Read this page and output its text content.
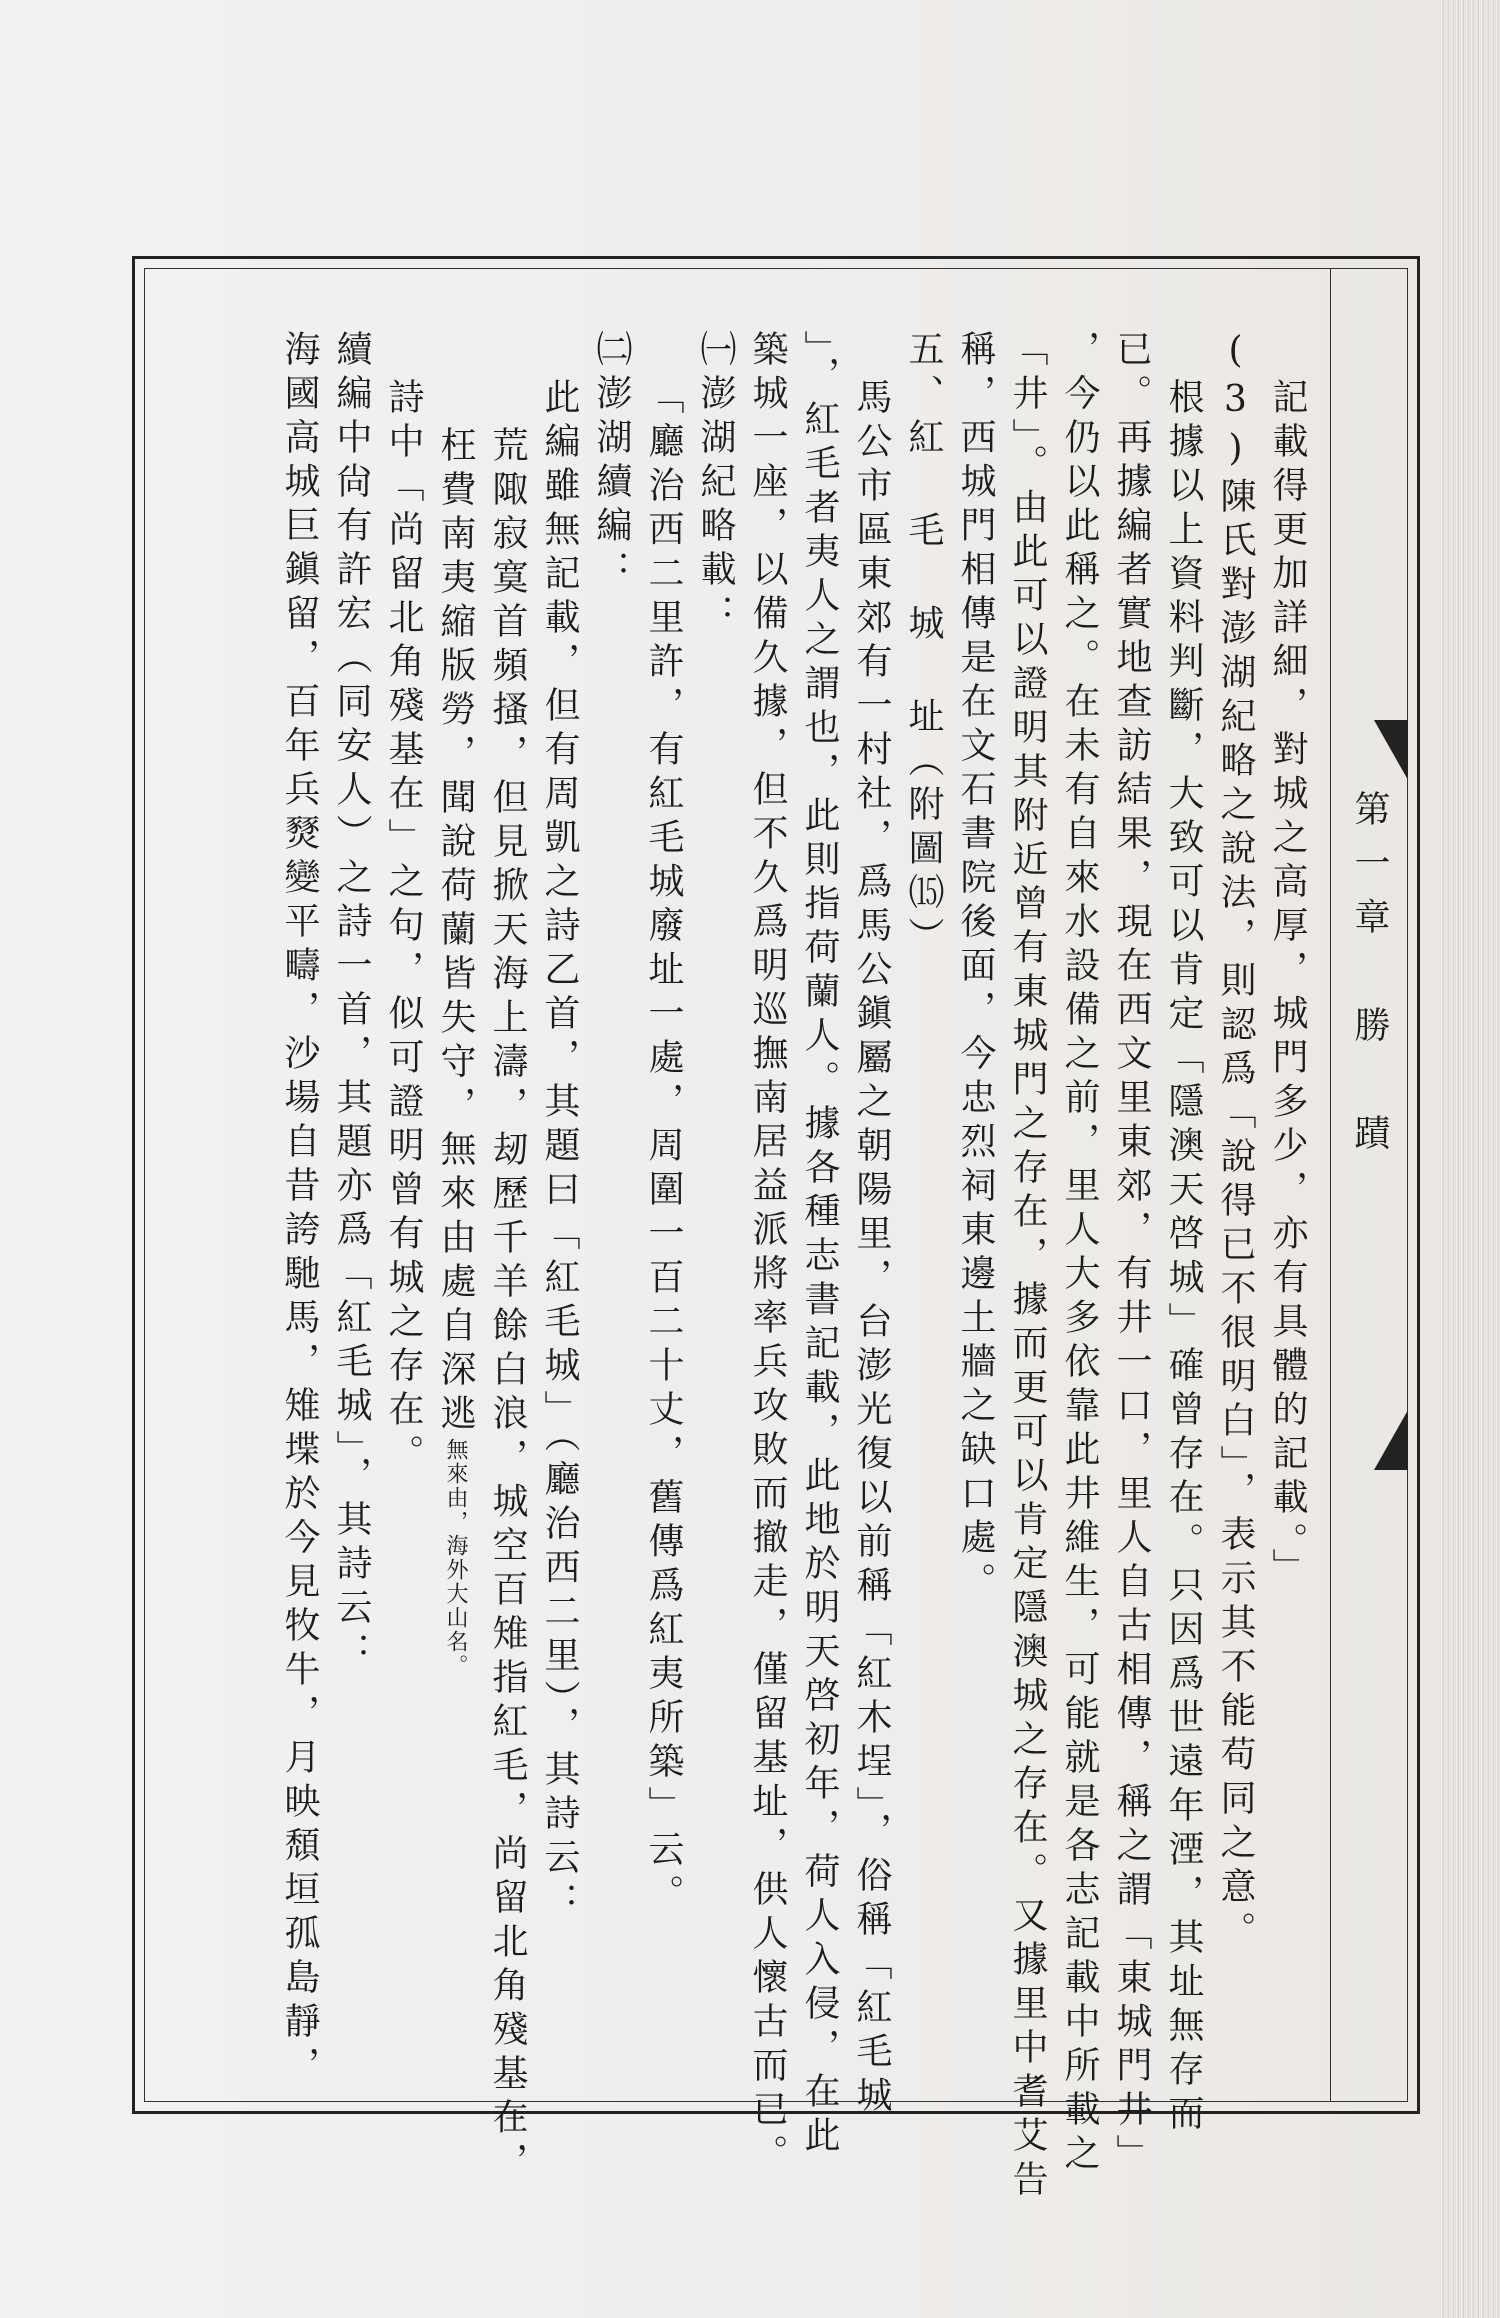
第一章　勝　蹟
記載得更加詳細，對城之高厚，城門多少，亦有具體的記載。」
(3)陳氏對澎湖紀略之說法，則認爲「說得已不很明白」，表示其不能苟同之意。
根據以上資料判斷，大致可以肯定「隱澳天啓城」確曾存在。只因爲世遠年湮，其址無存而
已。再據編者實地查訪結果，現在西文里東郊，有井一口，里人自古相傳，稱之謂「東城門井」
，今仍以此稱之。在未有自來水設備之前，里人大多依靠此井維生，可能就是各志記載中所載之
「井」。由此可以證明其附近曾有東城門之存在，據而更可以肯定隱澳城之存在。又據里中耆艾告
稱，西城門相傳是在文石書院後面，今忠烈祠東邊土牆之缺口處。
五、紅 毛 城 址（附圖⒂）
馬公市區東郊有一村社，爲馬公鎭屬之朝陽里，台澎光復以前稱「紅木埕」，俗稱「紅毛城
」，紅毛者夷人之謂也，此則指荷蘭人。據各種志書記載，此地於明天啓初年，荷人入侵，在此
築城一座，以備久據，但不久爲明巡撫南居益派將率兵攻敗而撤走，僅留基址，供人懷古而已。
㈠澎湖紀略載：
「廳治西二里許，有紅毛城廢址一處，周圍一百二十丈，舊傳爲紅夷所築」云。
㈡澎湖續編：
此編雖無記載，但有周凱之詩乙首，其題曰「紅毛城」（廳治西二里），其詩云：
荒陬寂寞首頻搔，但見掀天海上濤，刼歷千羊餘白浪，城空百雉指紅毛，尚留北角殘基在，
枉費南夷縮版勞，聞說荷蘭皆失守，無來由處自深逃無來由，海外大山名。
詩中「尚留北角殘基在」之句，似可證明曾有城之存在。
續編中尙有許宏（同安人）之詩一首，其題亦爲「紅毛城」，其詩云：
海國高城巨鎭留，百年兵燹變平疇，沙場自昔誇馳馬，雉堞於今見牧牛，月映頹垣孤島靜，
